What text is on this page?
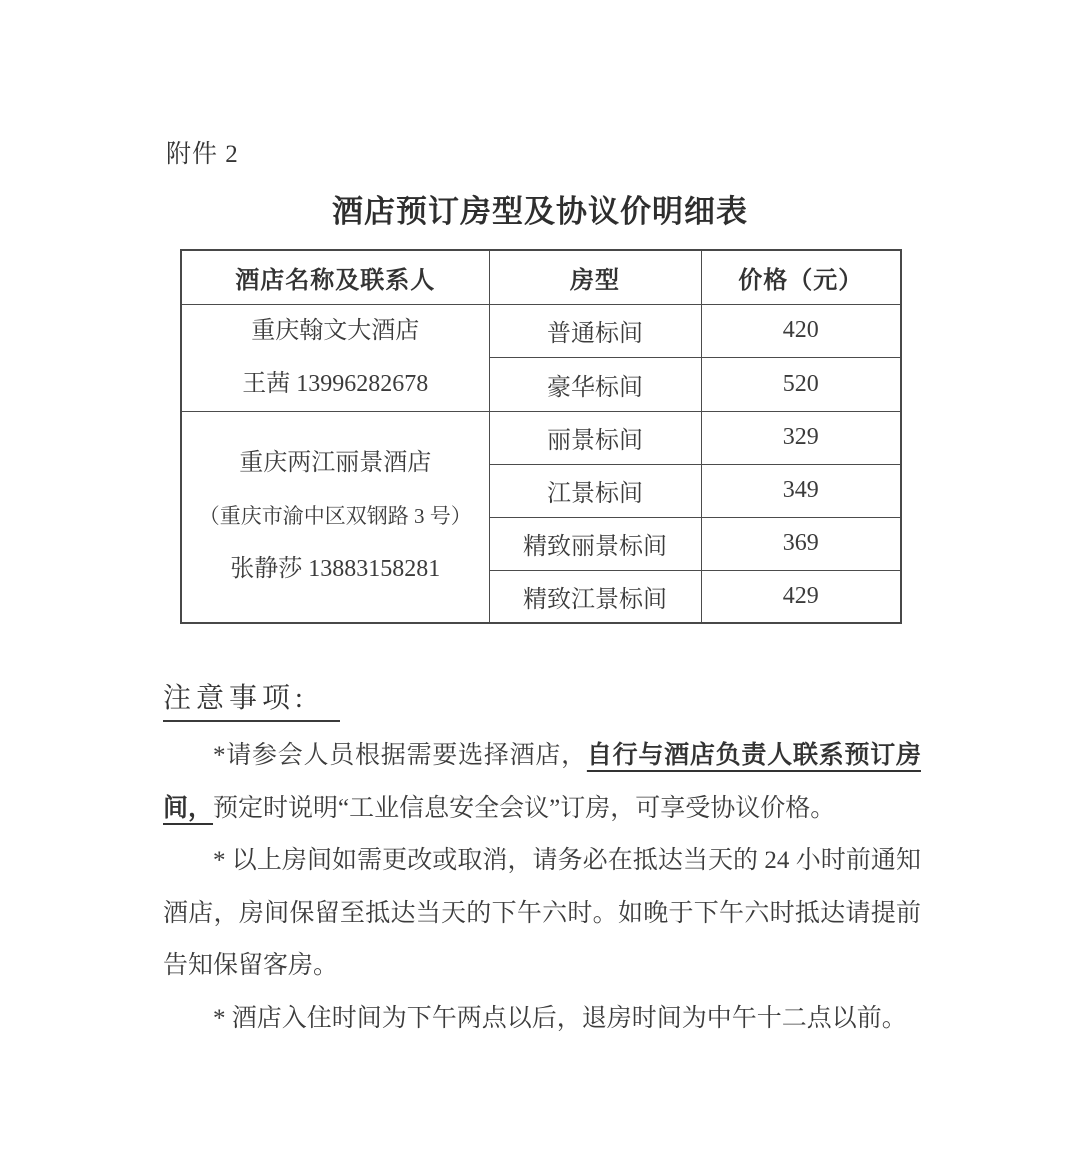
附件 2
酒店预订房型及协议价明细表
酒店名称及联系人	房型	价格（元）

重庆翰文大酒店
王茜 13996282678	普通标间	420
	豪华标间	520

重庆两江丽景酒店
（重庆市渝中区双钢路 3 号）
张静莎 13883158281	丽景标间	329
	江景标间	349
	精致丽景标间	369
	精致江景标间	429
注意事项:

*请参会人员根据需要选择酒店，自行与酒店负责人联系预订房间，预定时说明“工业信息安全会议”订房，可享受协议价格。

* 以上房间如需更改或取消，请务必在抵达当天的 24 小时前通知酒店，房间保留至抵达当天的下午六时。如晚于下午六时抵达请提前告知保留客房。

* 酒店入住时间为下午两点以后，退房时间为中午十二点以前。
